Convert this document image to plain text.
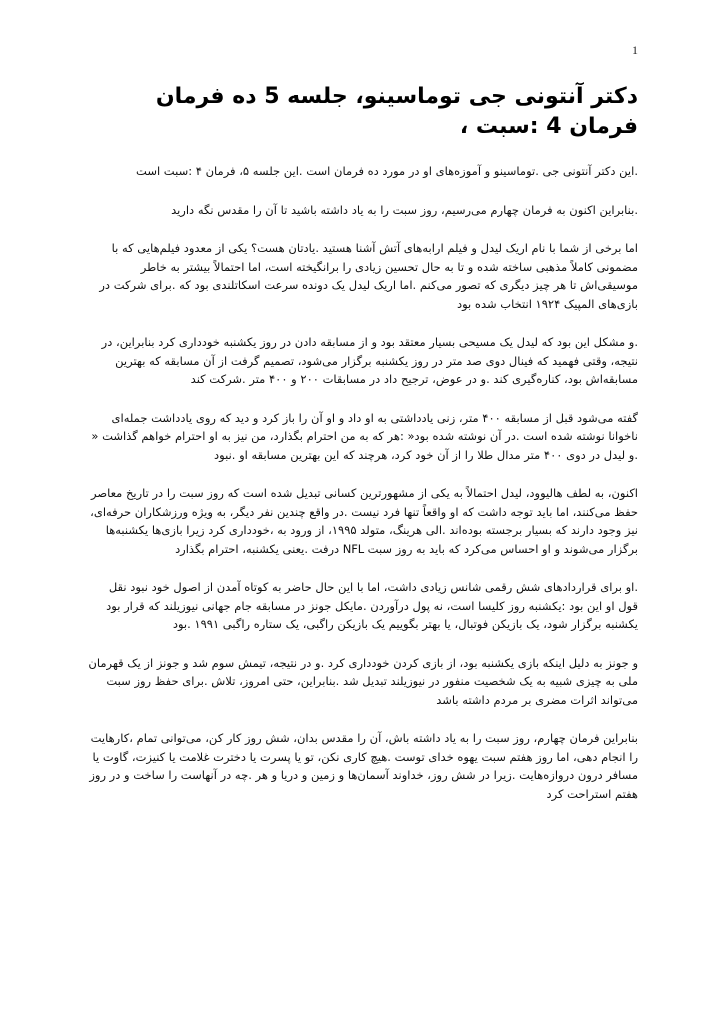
1
دکتر آنتونی جی توماسینو، جلسه 5 ده فرمان
فرمان 4 :سبت ،

.این دکتر آنتونی جی .توماسینو و آموزه‌های او در مورد ده فرمان است .این جلسه ۵، فرمان ۴ :سبت است

.بنابراین اکنون به فرمان چهارم می‌رسیم، روز سبت را به یاد داشته باشید تا آن را مقدس نگه دارید

اما برخی از شما با نام اریک لیدل و فیلم ارابه‌های آتش آشنا هستید .یادتان هست؟ یکی از معدود فیلم‌هایی که با مضمونی کاملاً مذهبی ساخته شده و تا به حال تحسین زیادی را برانگیخته است، اما احتمالاً بیشتر به خاطر موسیقی‌اش تا هر چیز دیگری که تصور می‌کنم .اما اریک لیدل یک دونده سرعت اسکاتلندی بود که .برای شرکت در بازی‌های المپیک ۱۹۲۴ انتخاب شده بود

.و مشکل این بود که لیدل یک مسیحی بسیار معتقد بود و از مسابقه دادن در روز یکشنبه خودداری کرد بنابراین، در نتیجه، وقتی فهمید که فینال دوی صد متر در روز یکشنبه برگزار می‌شود، تصمیم گرفت از آن مسابقه که بهترین مسابقه‌اش بود، کناره‌گیری کند .و در عوض، ترجیح داد در مسابقات ۲۰۰ و ۴۰۰ متر .شرکت کند

گفته می‌شود قبل از مسابقه ۴۰۰ متر، زنی یادداشتی به او داد و او آن را باز کرد و دید که روی یادداشت جمله‌ای ناخوانا نوشته شده است .در آن نوشته شده بود« :هر که به من احترام بگذارد، من نیز به او احترام خواهم گذاشت « .و لیدل در دوی ۴۰۰ متر مدال طلا را از آن خود کرد، هرچند که این بهترین مسابقه او .نبود

اکنون، به لطف هالیوود، لیدل احتمالاً به یکی از مشهورترین کسانی تبدیل شده است که روز سبت را در تاریخ معاصر حفظ می‌کنند، اما باید توجه داشت که او واقعاً تنها فرد نیست .در واقع چندین نفر دیگر، به ویژه ورزشکاران حرفه‌ای، نیز وجود دارند که بسیار برجسته بوده‌اند .الی هرینگ، متولد ۱۹۹۵، از ورود به ،خودداری کرد زیرا بازی‌ها یکشنبه‌ها برگزار می‌شوند و او احساس می‌کرد که باید به روز سبت NFL درفت .یعنی یکشنبه، احترام بگذارد

.او برای قراردادهای شش رقمی شانس زیادی داشت، اما با این حال حاضر به کوتاه آمدن از اصول خود نبود نقل قول او این بود :یکشنبه روز کلیسا است، نه پول درآوردن .مایکل جونز در مسابقه جام جهانی نیوزیلند که قرار بود یکشنبه برگزار شود، یک بازیکن فوتبال، یا بهتر بگوییم یک بازیکن راگبی، یک ستاره راگبی ۱۹۹۱ .بود

و جونز به دلیل اینکه بازی یکشنبه بود، از بازی کردن خودداری کرد .و در نتیجه، تیمش سوم شد و جونز از یک قهرمان ملی به چیزی شبیه به یک شخصیت منفور در نیوزیلند تبدیل شد .بنابراین، حتی امروز، تلاش .برای حفظ روز سبت می‌تواند اثرات مضری بر مردم داشته باشد

بنابراین فرمان چهارم، روز سبت را به یاد داشته باش، آن را مقدس بدان، شش روز کار کن، می‌توانی تمام ،کارهایت را انجام دهی، اما روز هفتم سبت یهوه خدای توست .هیچ کاری نکن، تو یا پسرت یا دخترت غلامت یا کنیزت، گاوت یا مسافر درون دروازه‌هایت .زیرا در شش روز، خداوند آسمان‌ها و زمین و دریا و هر .چه در آنهاست را ساخت و در روز هفتم استراحت کرد
